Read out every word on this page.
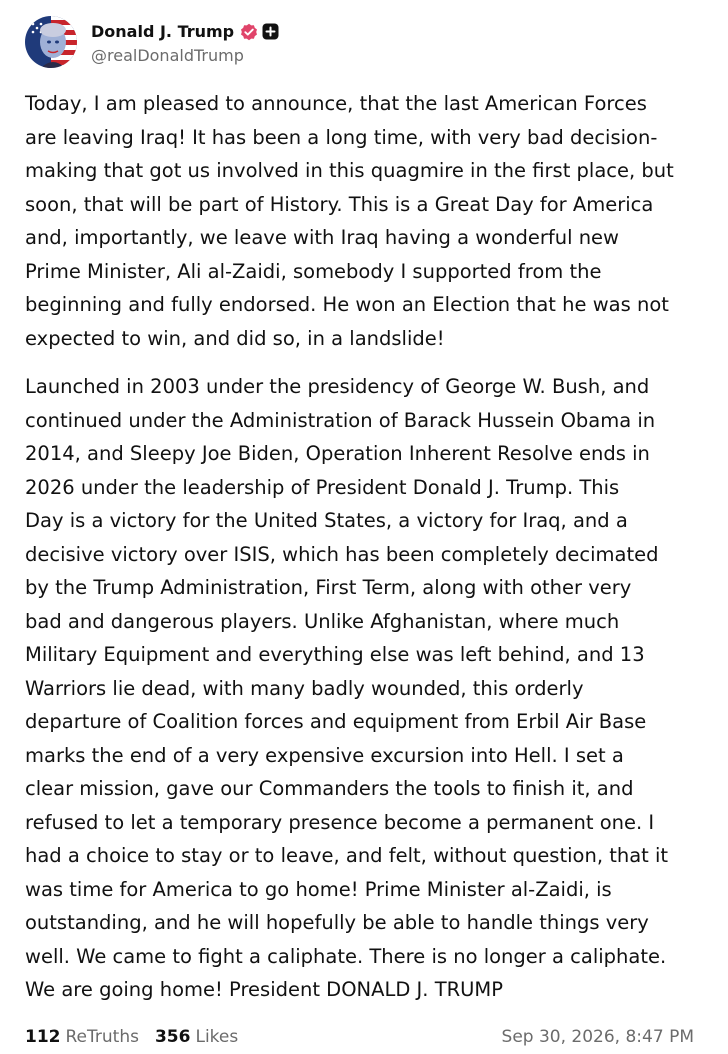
Donald J. Trump
@realDonaldTrump

Today, I am pleased to announce, that the last American Forces
are leaving Iraq! It has been a long time, with very bad decision-
making that got us involved in this quagmire in the first place, but
soon, that will be part of History. This is a Great Day for America
and, importantly, we leave with Iraq having a wonderful new
Prime Minister, Ali al-Zaidi, somebody I supported from the
beginning and fully endorsed. He won an Election that he was not
expected to win, and did so, in a landslide!

Launched in 2003 under the presidency of George W. Bush, and
continued under the Administration of Barack Hussein Obama in
2014, and Sleepy Joe Biden, Operation Inherent Resolve ends in
2026 under the leadership of President Donald J. Trump. This
Day is a victory for the United States, a victory for Iraq, and a
decisive victory over ISIS, which has been completely decimated
by the Trump Administration, First Term, along with other very
bad and dangerous players. Unlike Afghanistan, where much
Military Equipment and everything else was left behind, and 13
Warriors lie dead, with many badly wounded, this orderly
departure of Coalition forces and equipment from Erbil Air Base
marks the end of a very expensive excursion into Hell. I set a
clear mission, gave our Commanders the tools to finish it, and
refused to let a temporary presence become a permanent one. I
had a choice to stay or to leave, and felt, without question, that it
was time for America to go home! Prime Minister al-Zaidi, is
outstanding, and he will hopefully be able to handle things very
well. We came to fight a caliphate. There is no longer a caliphate.
We are going home! President DONALD J. TRUMP

112 ReTruths 356 Likes	Sep 30, 2026, 8:47 PM
